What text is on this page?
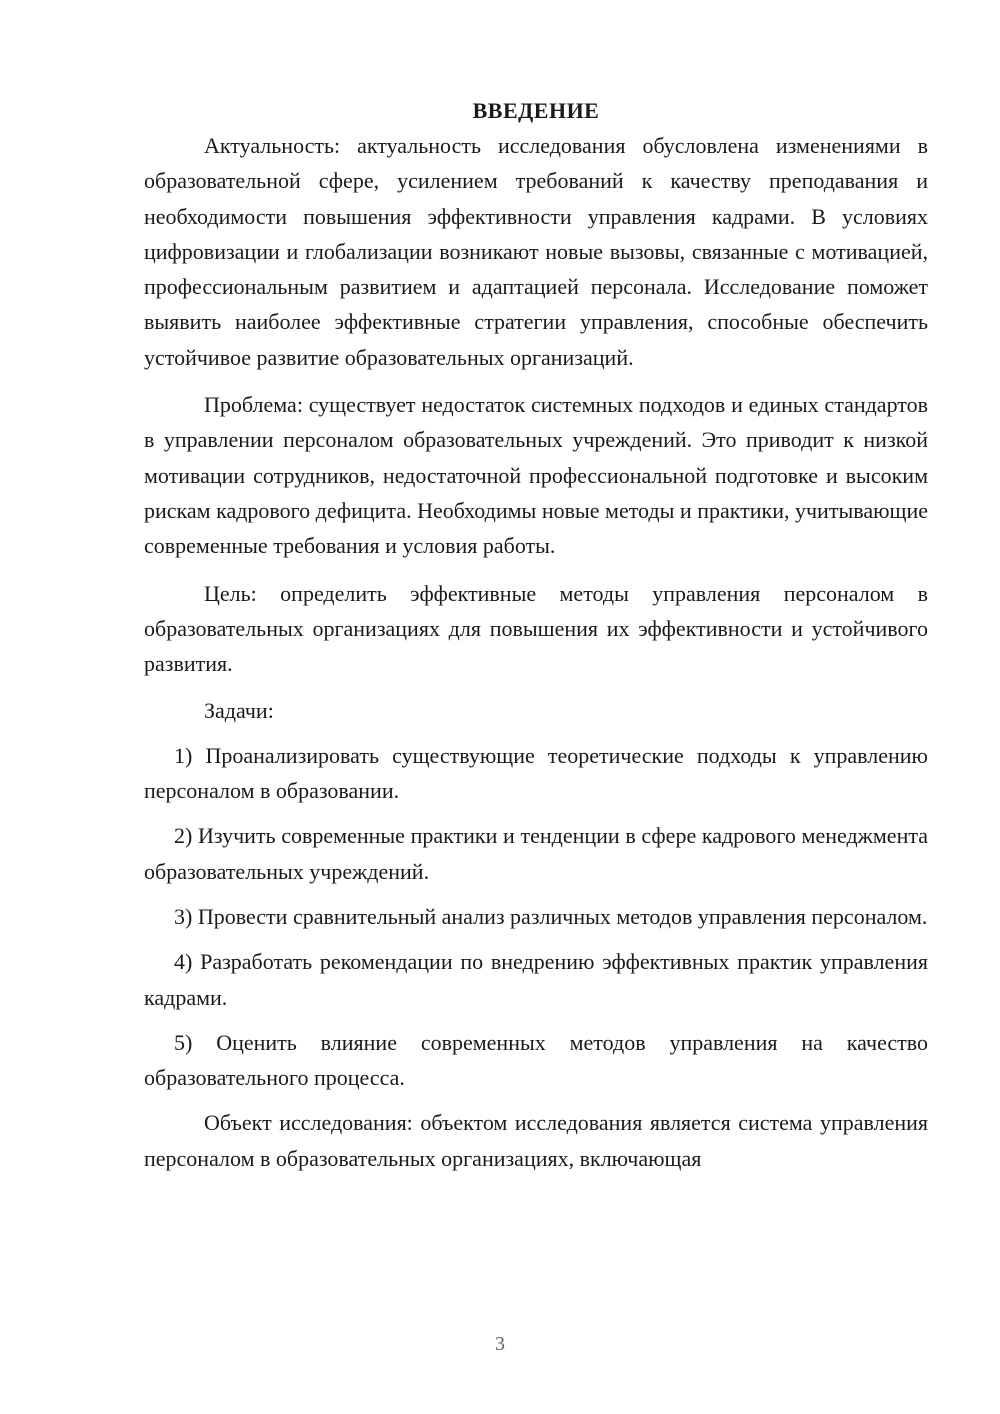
ВВЕДЕНИЕ

Актуальность: актуальность исследования обусловлена изменениями в образовательной сфере, усилением требований к качеству преподавания и необходимости повышения эффективности управления кадрами. В условиях цифровизации и глобализации возникают новые вызовы, связанные с мотивацией, профессиональным развитием и адаптацией персонала. Исследование поможет выявить наиболее эффективные стратегии управления, способные обеспечить устойчивое развитие образовательных организаций.

Проблема: существует недостаток системных подходов и единых стандартов в управлении персоналом образовательных учреждений. Это приводит к низкой мотивации сотрудников, недостаточной профессиональной подготовке и высоким рискам кадрового дефицита. Необходимы новые методы и практики, учитывающие современные требования и условия работы.

Цель: определить эффективные методы управления персоналом в образовательных организациях для повышения их эффективности и устойчивого развития.

Задачи:

1) Проанализировать существующие теоретические подходы к управлению персоналом в образовании.

2) Изучить современные практики и тенденции в сфере кадрового менеджмента образовательных учреждений.

3) Провести сравнительный анализ различных методов управления персоналом.

4) Разработать рекомендации по внедрению эффективных практик управления кадрами.

5) Оценить влияние современных методов управления на качество образовательного процесса.

Объект исследования: объектом исследования является система управления персоналом в образовательных организациях, включающая

3
